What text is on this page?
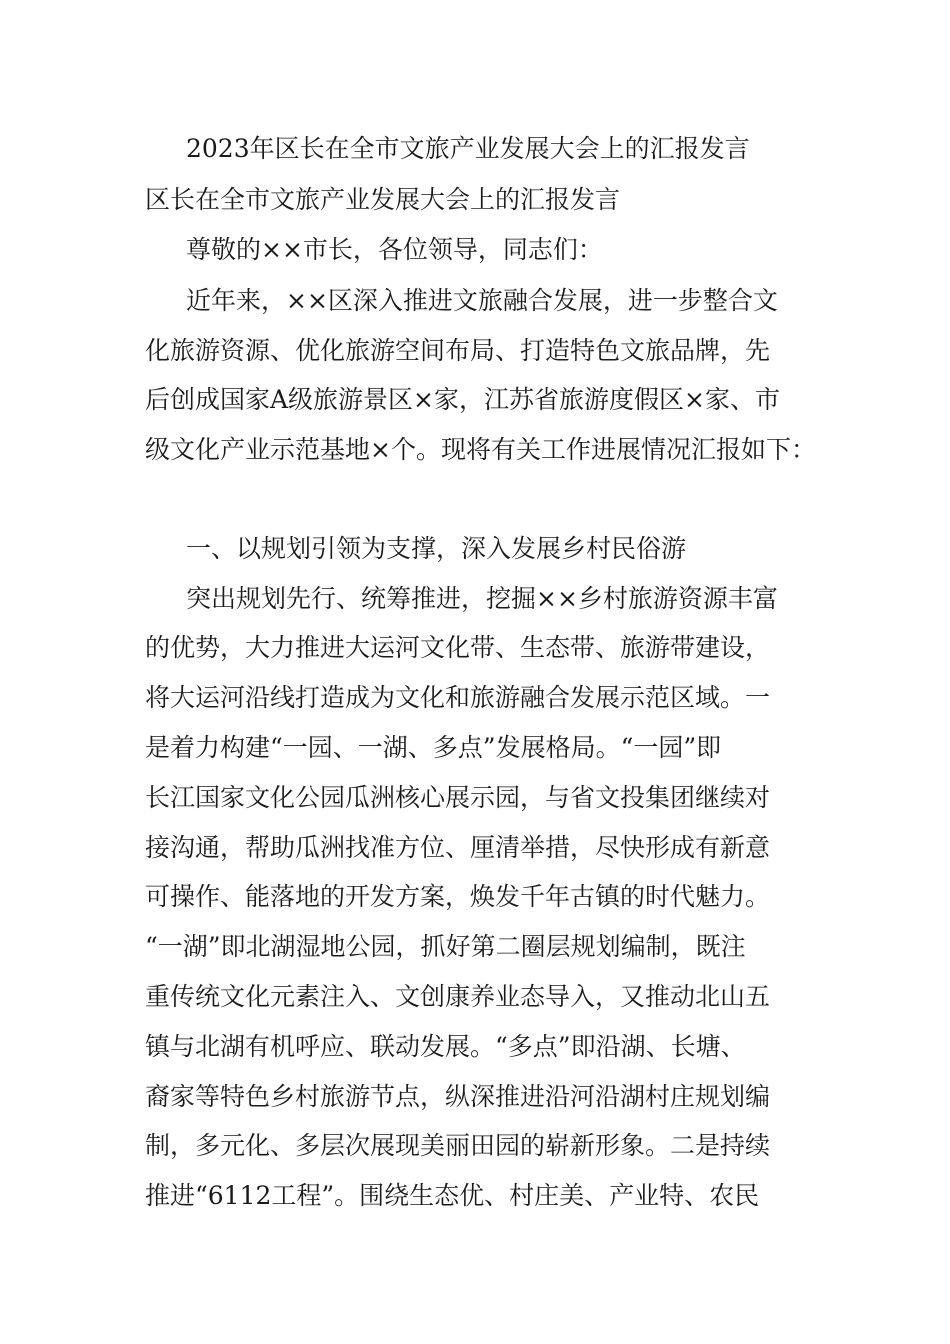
2023年区长在全市文旅产业发展大会上的汇报发言
区长在全市文旅产业发展大会上的汇报发言
尊敬的××市长，各位领导，同志们：
近年来，××区深入推进文旅融合发展，进一步整合文
化旅游资源、优化旅游空间布局、打造特色文旅品牌，先
后创成国家A级旅游景区×家，江苏省旅游度假区×家、市
级文化产业示范基地×个。现将有关工作进展情况汇报如下：
一、以规划引领为支撑，深入发展乡村民俗游
突出规划先行、统筹推进，挖掘××乡村旅游资源丰富
的优势，大力推进大运河文化带、生态带、旅游带建设，
将大运河沿线打造成为文化和旅游融合发展示范区域。一
是着力构建“一园、一湖、多点”发展格局。“一园”即
长江国家文化公园瓜洲核心展示园，与省文投集团继续对
接沟通，帮助瓜洲找准方位、厘清举措，尽快形成有新意
可操作、能落地的开发方案，焕发千年古镇的时代魅力。
“一湖”即北湖湿地公园，抓好第二圈层规划编制，既注
重传统文化元素注入、文创康养业态导入，又推动北山五
镇与北湖有机呼应、联动发展。“多点”即沿湖、长塘、
裔家等特色乡村旅游节点，纵深推进沿河沿湖村庄规划编
制，多元化、多层次展现美丽田园的崭新形象。二是持续
推进“6112工程”。围绕生态优、村庄美、产业特、农民
